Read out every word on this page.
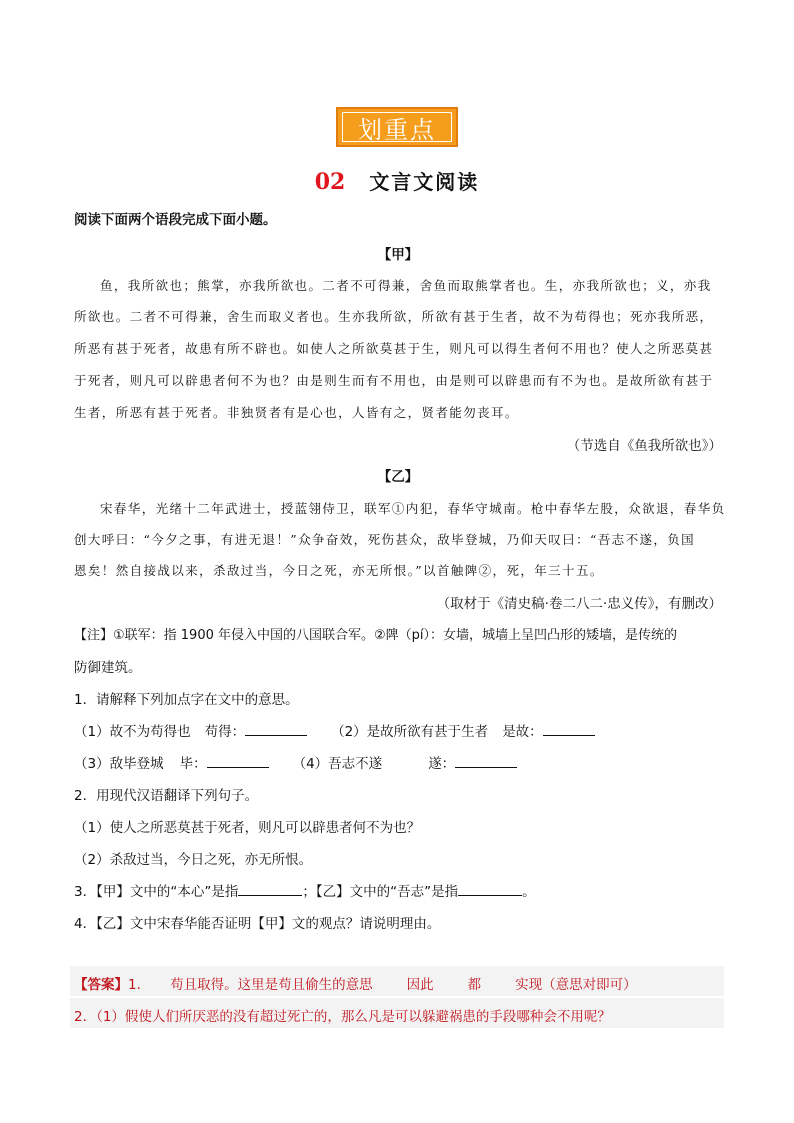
划重点
02 文言文阅读
阅读下面两个语段完成下面小题。
【甲】
鱼，我所欲也；熊掌，亦我所欲也。二者不可得兼，舍鱼而取熊掌者也。生，亦我所欲也；义，亦我
所欲也。二者不可得兼，舍生而取义者也。生亦我所欲，所欲有甚于生者，故不为苟得也；死亦我所恶，
所恶有甚于死者，故患有所不辟也。如使人之所欲莫甚于生，则凡可以得生者何不用也？使人之所恶莫甚
于死者，则凡可以辟患者何不为也？由是则生而有不用也，由是则可以辟患而有不为也。是故所欲有甚于
生者，所恶有甚于死者。非独贤者有是心也，人皆有之，贤者能勿丧耳。
（节选自《鱼我所欲也》）
【乙】
宋春华，光绪十二年武进士，授蓝翎侍卫，联军①内犯，春华守城南。枪中春华左股，众欲退，春华负
创大呼曰：“今夕之事，有进无退！”众争奋效，死伤甚众，敌毕登城，乃仰天叹曰：“吾志不遂，负国
恩矣！然自接战以来，杀敌过当，今日之死，亦无所恨。”以首触陴②，死，年三十五。
（取材于《清史稿·卷二八二·忠义传》，有删改）
【注】①联军：指 1900 年侵入中国的八国联合军。②陴（pí）：女墙，城墙上呈凹凸形的矮墙，是传统的
防御建筑。
1．请解释下列加点字在文中的意思。
（1）故不为苟得也 苟得：	（2）是故所欲有甚于生者 是故：
（3）敌毕登城 毕：	（4）吾志不遂	遂：
2．用现代汉语翻译下列句子。
（1）使人之所恶莫甚于死者，则凡可以辟患者何不为也？
（2）杀敌过当，今日之死，亦无所恨。
3．【甲】文中的“本心”是指	；【乙】文中的“吾志”是指	。
4．【乙】文中宋春华能否证明【甲】文的观点？请说明理由。
【答案】1． 苟且取得。这里是苟且偷生的意思	因此	都	实现（意思对即可）
2．（1）假使人们所厌恶的没有超过死亡的，那么凡是可以躲避祸患的手段哪种会不用呢？
